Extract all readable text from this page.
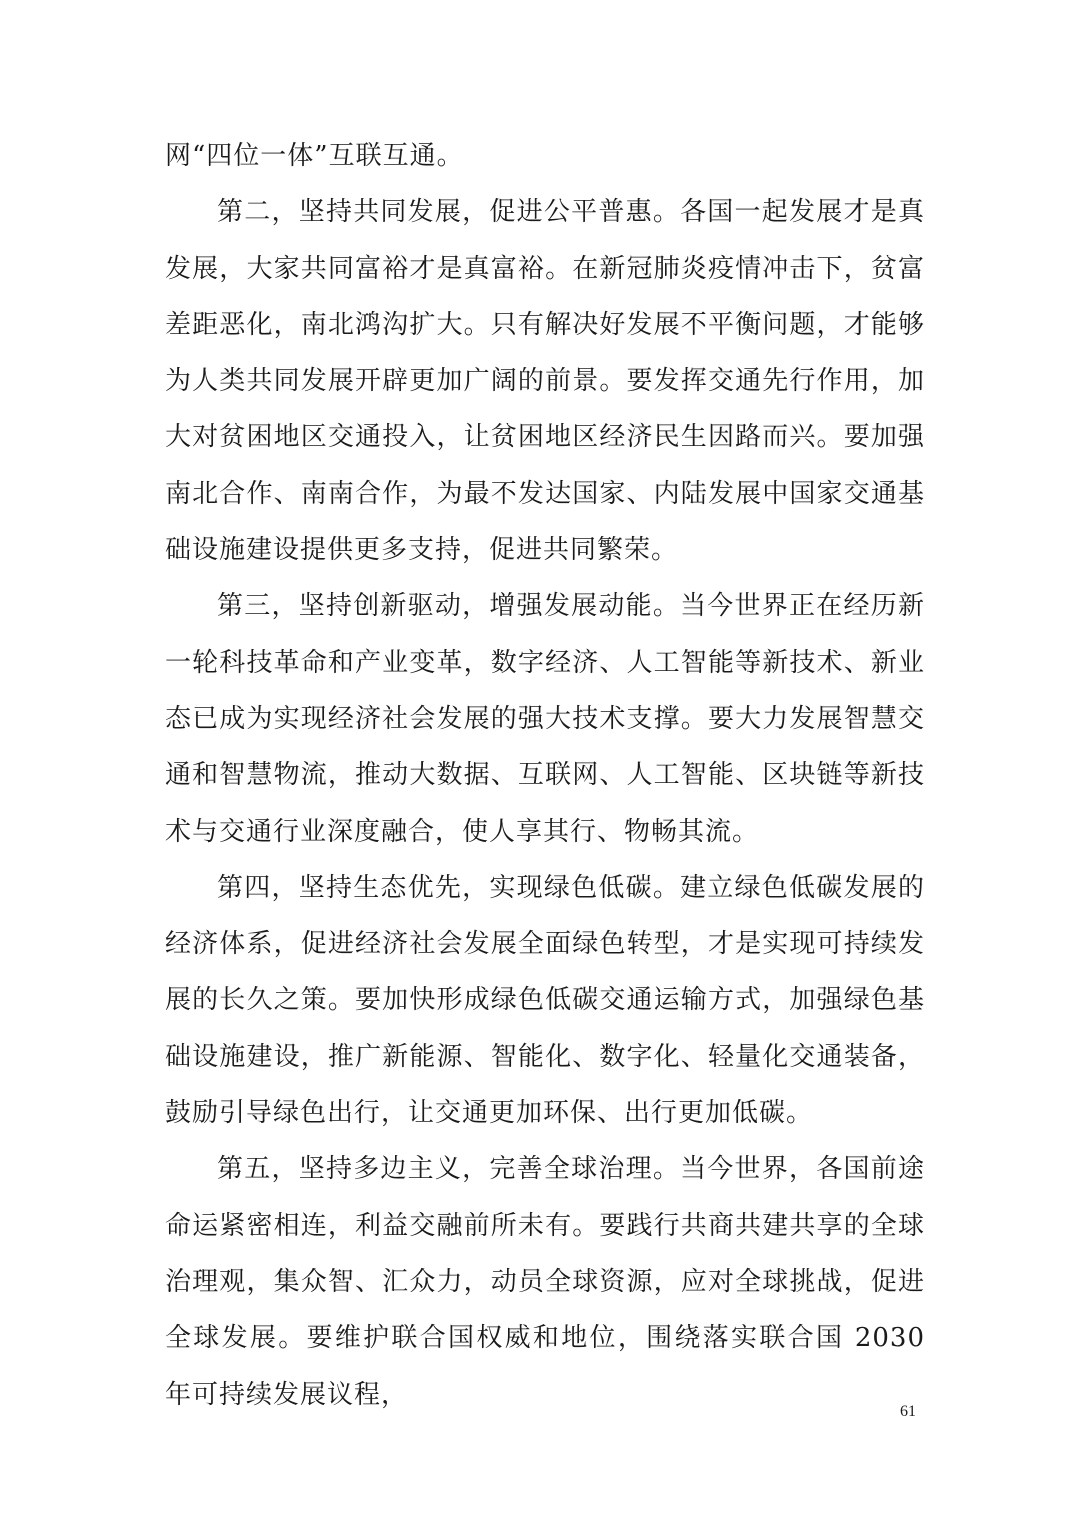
网“四位一体”互联互通。

第二，坚持共同发展，促进公平普惠。各国一起发展才是真发展，大家共同富裕才是真富裕。在新冠肺炎疫情冲击下，贫富差距恶化，南北鸿沟扩大。只有解决好发展不平衡问题，才能够为人类共同发展开辟更加广阔的前景。要发挥交通先行作用，加大对贫困地区交通投入，让贫困地区经济民生因路而兴。要加强南北合作、南南合作，为最不发达国家、内陆发展中国家交通基础设施建设提供更多支持，促进共同繁荣。

第三，坚持创新驱动，增强发展动能。当今世界正在经历新一轮科技革命和产业变革，数字经济、人工智能等新技术、新业态已成为实现经济社会发展的强大技术支撑。要大力发展智慧交通和智慧物流，推动大数据、互联网、人工智能、区块链等新技术与交通行业深度融合，使人享其行、物畅其流。

第四，坚持生态优先，实现绿色低碳。建立绿色低碳发展的经济体系，促进经济社会发展全面绿色转型，才是实现可持续发展的长久之策。要加快形成绿色低碳交通运输方式，加强绿色基础设施建设，推广新能源、智能化、数字化、轻量化交通装备，鼓励引导绿色出行，让交通更加环保、出行更加低碳。

第五，坚持多边主义，完善全球治理。当今世界，各国前途命运紧密相连，利益交融前所未有。要践行共商共建共享的全球治理观，集众智、汇众力，动员全球资源，应对全球挑战，促进全球发展。要维护联合国权威和地位，围绕落实联合国 2030 年可持续发展议程，

61
